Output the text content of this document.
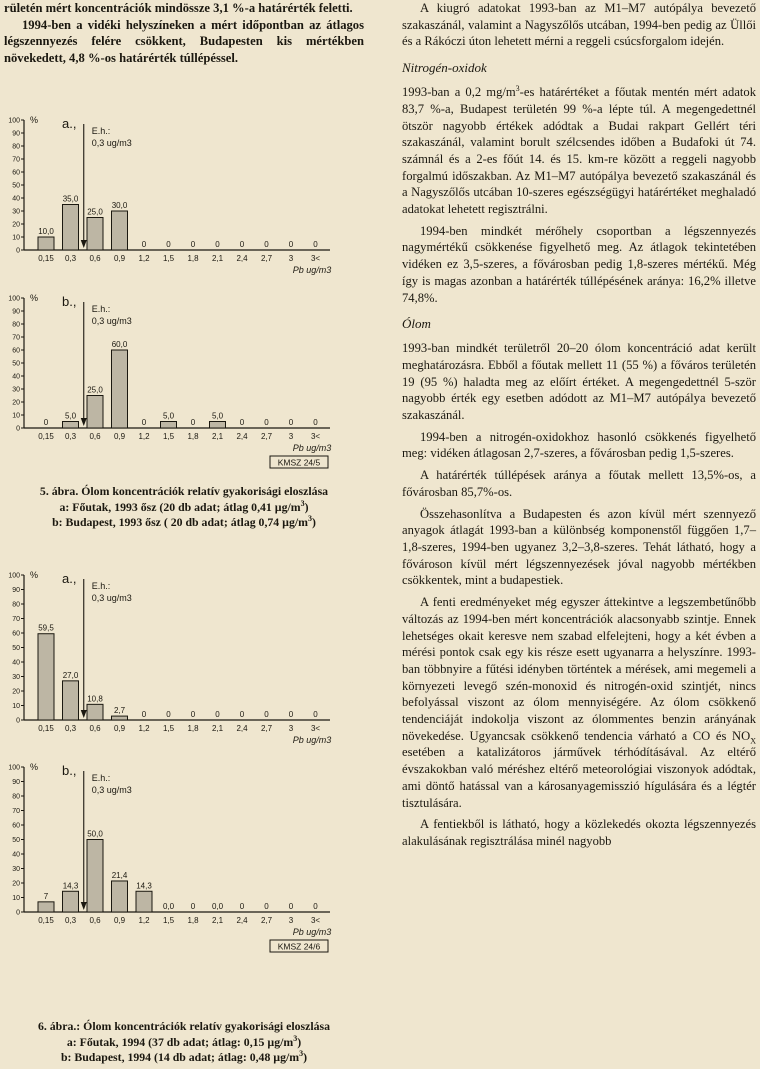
rületén mért koncentrációk mindössze 3,1 %-a határérték feletti.

1994-ben a vidéki helyszíneken a mért időpontban az átlagos légszennyezés felére csökkent, Budapesten kis mértékben növekedett, 4,8 %-os határérték túllépéssel.

0
10
20
30
40
50
60
70
80
90
100 %
0,15
10,0
0,3
35,0
0,6
25,0
0,9
30,0
1,2
0
1,5
0
1,8
0
2,1
0
2,4
0
2,7
0
3
0
3<
0
Pb ug/m3
a., E.h.:
0,3 ug/m3
0
10
20
30
40
50
60
70
80
90
100 %
0,15
0
0,3
5,0
0,6
25,0
0,9
60,0
1,2
0
1,5
5,0
1,8
0
2,1
5,0
2,4
0
2,7
0
3
0
3<
0
Pb ug/m3
b., E.h.:
0,3 ug/m3
KMSZ 24/5
5. ábra. Ólom koncentrációk relatív gyakorisági eloszlása
a: Főutak, 1993 ősz (20 db adat; átlag 0,41 $\mu g/m^3$)
b: Budapest, 1993 ősz ( 20 db adat; átlag 0,74 $\mu g/m^3$)
0
10
20
30
40
50
60
70
80
90
100 %
0,15
59,5
0,3
27,0
0,6
10,8
0,9
2,7
1,2
0
1,5
0
1,8
0
2,1
0
2,4
0
2,7
0
3
0
3<
0
Pb ug/m3
a., E.h.:
0,3 ug/m3
0
10
20
30
40
50
60
70
80
90
100 %
0,15
7
0,3
14,3
0,6
50,0
0,9
21,4
1,2
14,3
1,5
0,0
1,8
0
2,1
0,0
2,4
0
2,7
0
3
0
3<
0
Pb ug/m3
b., E.h.:
0,3 ug/m3
KMSZ 24/6
6. ábra.: Ólom koncentrációk relatív gyakorisági eloszlása
a: Főutak, 1994 (37 db adat; átlag: 0,15 $\mu g/m^3$)
b: Budapest, 1994 (14 db adat; átlag: 0,48 $\mu g/m^3$)

A kiugró adatokat 1993-ban az M1–M7 autópálya bevezető szakaszánál, valamint a Nagyszőlős utcában, 1994-ben pedig az Üllői és a Rákóczi úton lehetett mérni a reggeli csúcsforgalom idején.

Nitrogén-oxidok

1993-ban a 0,2 $mg/m^3-es$ határértéket a főutak mentén mért adatok 83,7 %-a, Budapest területén 99 %-a lépte túl. A megengedettnél ötször nagyobb értékek adódtak a Budai rakpart Gellért téri szakaszánál, valamint borult szélcsendes időben a Budafoki út 74. számnál és a 2-es főút 14. és 15. km-re között a reggeli nagyobb forgalmú időszakban. Az M1–M7 autópálya bevezető szakaszánál és a Nagyszőlős utcában 10-szeres egészségügyi határértéket meghaladó adatokat lehetett regisztrálni.

1994-ben mindkét mérőhely csoportban a légszennyezés nagymértékű csökkenése figyelhető meg. Az átlagok tekintetében vidéken ez 3,5-szeres, a fővárosban pedig 1,8-szeres mértékű. Még így is magas azonban a határérték túllépésének aránya: 16,2% illetve 74,8%.

Ólom

1993-ban mindkét területről 20–20 ólom koncentráció adat került meghatározásra. Ebből a főutak mellett 11 (55 %) a főváros területén 19 (95 %) haladta meg az előírt értéket. A megengedettnél 5-ször nagyobb érték egy esetben adódott az M1–M7 autópálya bevezető szakaszánál.

1994-ben a nitrogén-oxidokhoz hasonló csökkenés figyelhető meg: vidéken átlagosan 2,7-szeres, a fővárosban pedig 1,5-szeres.

A határérték túllépések aránya a főutak mellett 13,5%-os, a fővárosban 85,7%-os.

Összehasonlítva a Budapesten és azon kívül mért szennyező anyagok átlagát 1993-ban a különbség komponenstől függően 1,7–1,8-szeres, 1994-ben ugyanez 3,2–3,8-szeres. Tehát látható, hogy a fővároson kívül mért légszennyezések jóval nagyobb mértékben csökkentek, mint a budapestiek.

A fenti eredményeket még egyszer áttekintve a legszembetűnőbb változás az 1994-ben mért koncentrációk alacsonyabb szintje. Ennek lehetséges okait keresve nem szabad elfelejteni, hogy a két évben a mérési pontok csak egy kis része esett ugyanarra a helyszínre. 1993-ban többnyire a fűtési idényben történtek a mérések, ami megemeli a környezeti levegő szén-monoxid és nitrogén-oxid szintjét, nincs befolyással viszont az ólom mennyiségére. Az ólom csökkenő tendenciáját indokolja viszont az ólommentes benzin arányának növekedése. Ugyancsak csökkenő tendencia várható a CO és $NO_X$ esetében a katalizátoros járművek térhódításával. Az eltérő évszakokban való méréshez eltérő meteorológiai viszonyok adódtak, ami döntő hatással van a károsanyagemisszió hígulására és a légtér tisztulására.

A fentiekből is látható, hogy a közlekedés okozta légszennyezés alakulásának regisztrálása minél nagyobb
